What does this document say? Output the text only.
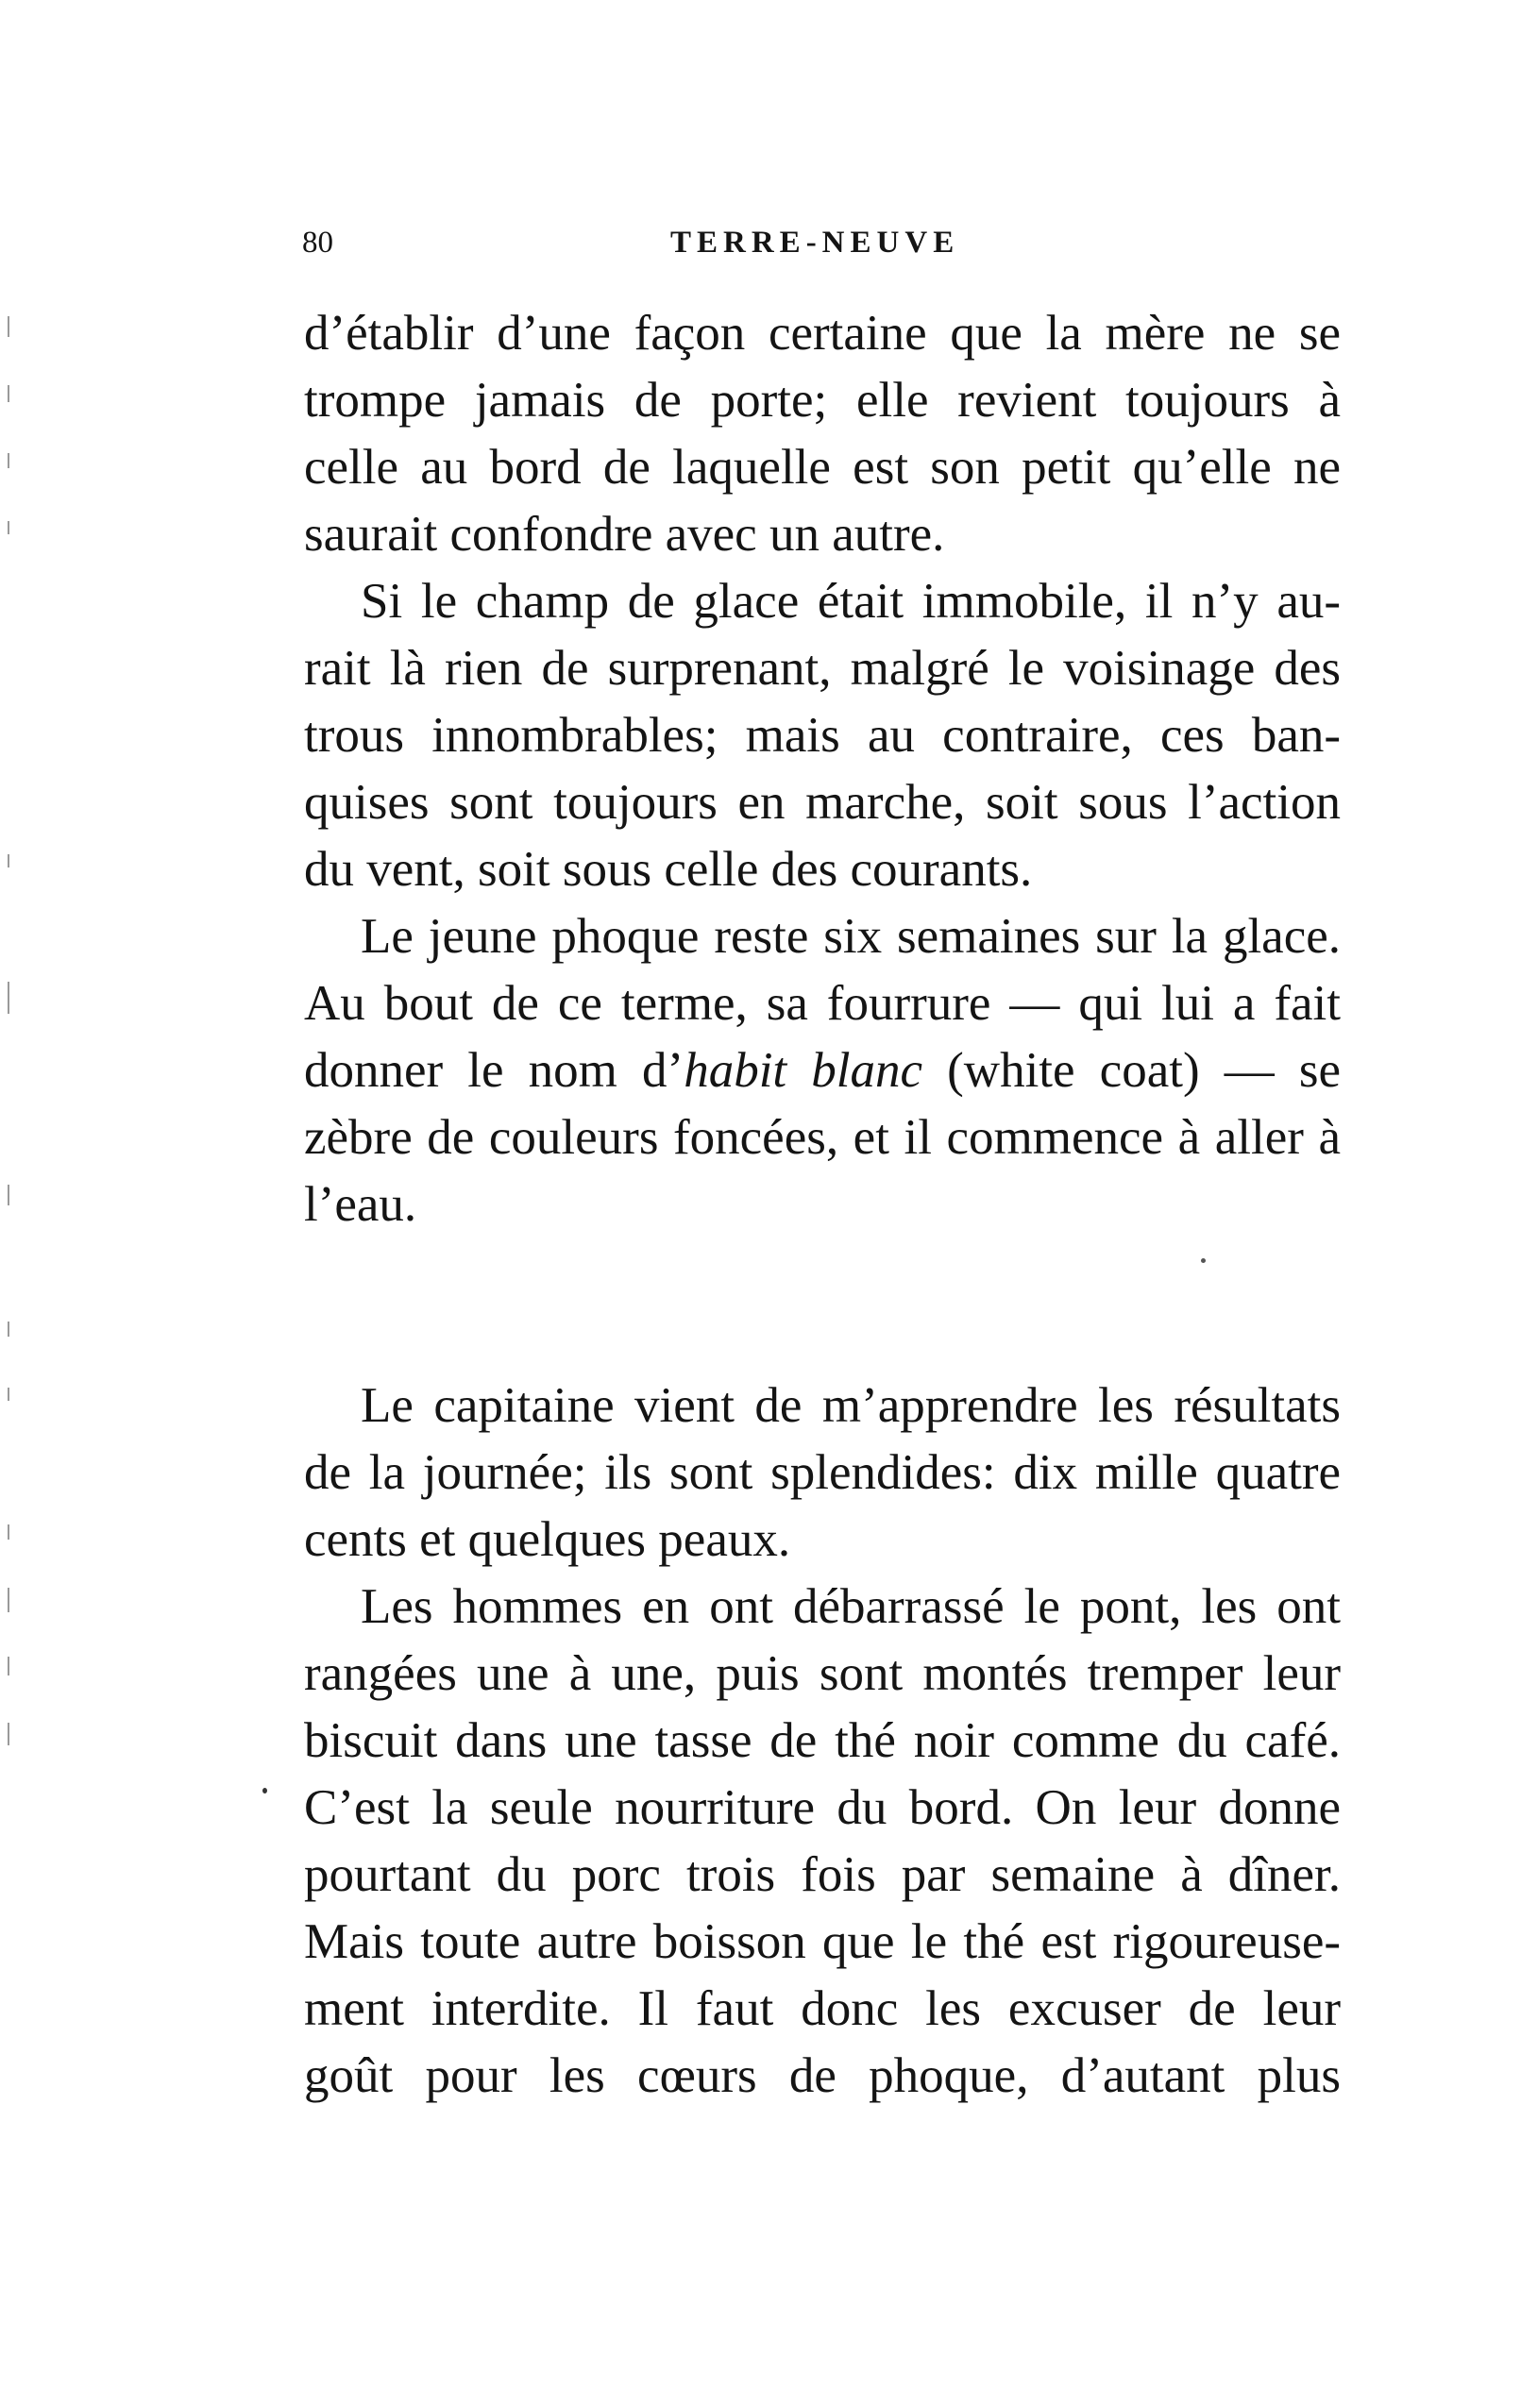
80	TERRE-NEUVE
d’établir d’une façon certaine que la mère ne se
trompe jamais de porte; elle revient toujours à
celle au bord de laquelle est son petit qu’elle ne
saurait confondre avec un autre.
Si le champ de glace était immobile, il n’y au-
rait là rien de surprenant, malgré le voisinage des
trous innombrables; mais au contraire, ces ban-
quises sont toujours en marche, soit sous l’action
du vent, soit sous celle des courants.
Le jeune phoque reste six semaines sur la glace.
Au bout de ce terme, sa fourrure — qui lui a fait
donner le nom d’habit blanc (white coat) — se
zèbre de couleurs foncées, et il commence à aller à
l’eau.
Le capitaine vient de m’apprendre les résultats
de la journée; ils sont splendides: dix mille quatre
cents et quelques peaux.
Les hommes en ont débarrassé le pont, les ont
rangées une à une, puis sont montés tremper leur
biscuit dans une tasse de thé noir comme du café.
C’est la seule nourriture du bord. On leur donne
pourtant du porc trois fois par semaine à dîner.
Mais toute autre boisson que le thé est rigoureuse-
ment interdite. Il faut donc les excuser de leur
goût pour les cœurs de phoque, d’autant plus
